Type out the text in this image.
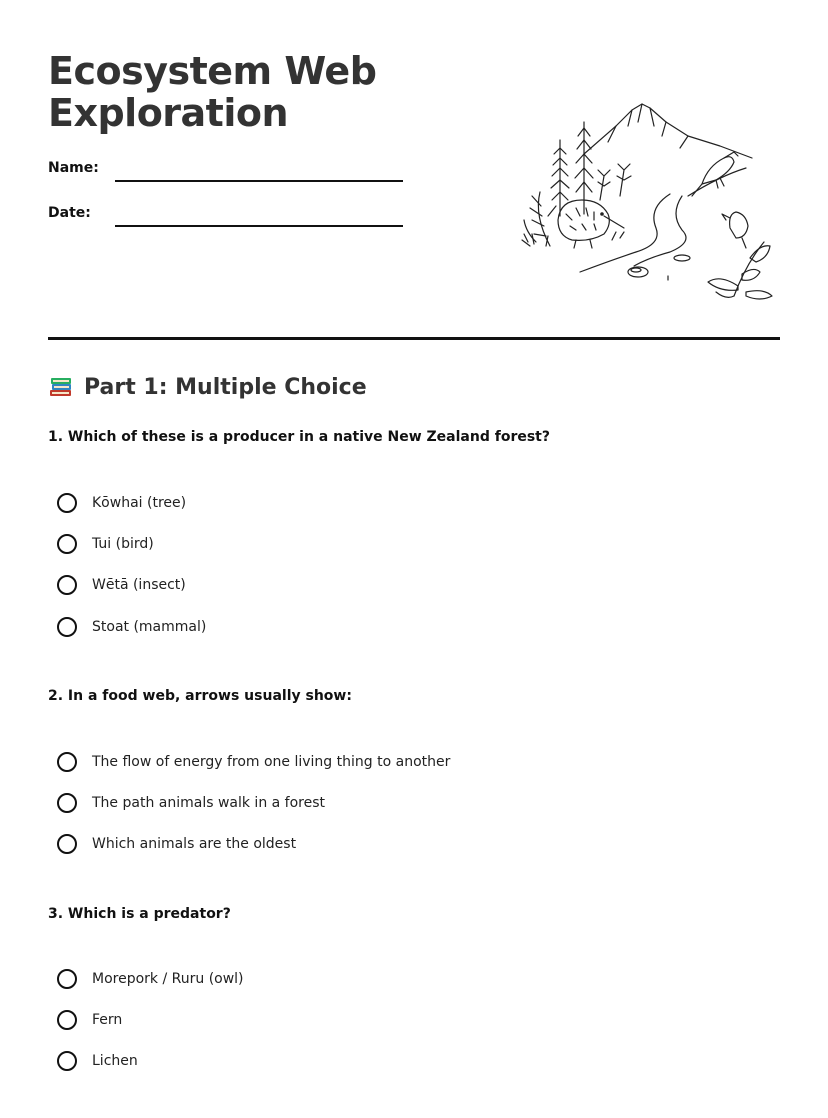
Ecosystem Web
Exploration
Name:
Date:
Part 1: Multiple Choice
1. Which of these is a producer in a native New Zealand forest?
Kōwhai (tree)
Tui (bird)
Wētā (insect)
Stoat (mammal)
2. In a food web, arrows usually show:
The flow of energy from one living thing to another
The path animals walk in a forest
Which animals are the oldest
3. Which is a predator?
Morepork / Ruru (owl)
Fern
Lichen
